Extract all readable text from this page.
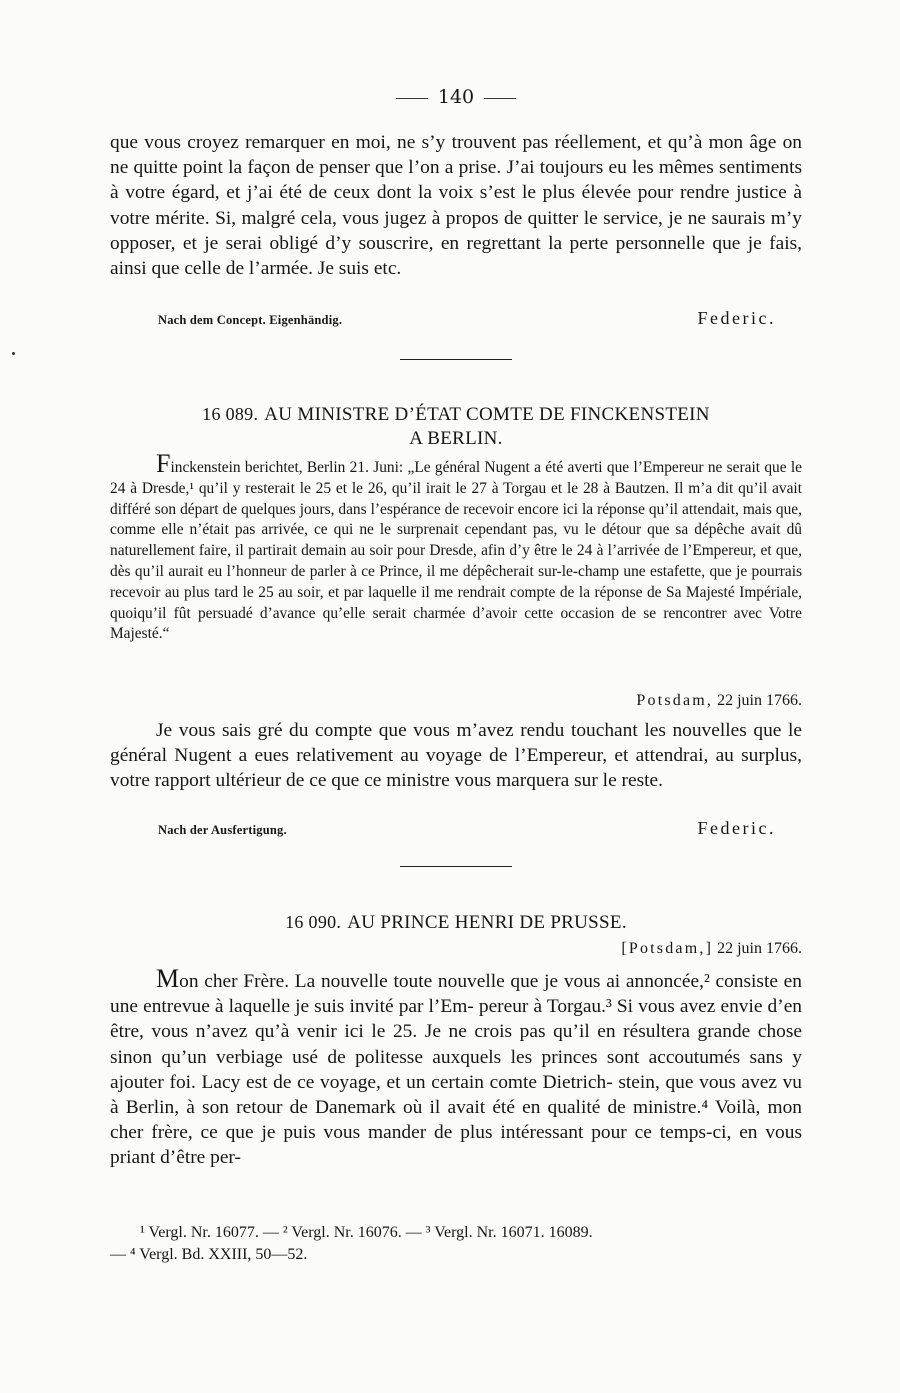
140

que vous croyez remarquer en moi, ne s’y trouvent pas réellement, et qu’à mon âge on ne quitte point la façon de penser que l’on a prise. J’ai toujours eu les mêmes sentiments à votre égard, et j’ai été de ceux dont la voix s’est le plus élevée pour rendre justice à votre mérite. Si, malgré cela, vous jugez à propos de quitter le service, je ne saurais m’y opposer, et je serai obligé d’y souscrire, en regrettant la perte personnelle que je fais, ainsi que celle de l’armée. Je suis etc.

Nach dem Concept. Eigenhändig.	Federic.
16 089. AU MINISTRE D’ÉTAT COMTE DE FINCKENSTEIN
A BERLIN.

Finckenstein berichtet, Berlin 21. Juni: „Le général Nugent a été averti que l’Empereur ne serait que le 24 à Dresde,¹ qu’il y resterait le 25 et le 26, qu’il irait le 27 à Torgau et le 28 à Bautzen. Il m’a dit qu’il avait différé son départ de quelques jours, dans l’espérance de recevoir encore ici la réponse qu’il attendait, mais que, comme elle n’était pas arrivée, ce qui ne le surprenait cependant pas, vu le détour que sa dépêche avait dû naturellement faire, il partirait demain au soir pour Dresde, afin d’y être le 24 à l’arrivée de l’Empereur, et que, dès qu’il aurait eu l’honneur de parler à ce Prince, il me dépêcherait sur-le-champ une estafette, que je pourrais recevoir au plus tard le 25 au soir, et par laquelle il me rendrait compte de la réponse de Sa Majesté Impériale, quoiqu’il fût persuadé d’avance qu’elle serait charmée d’avoir cette occasion de se rencontrer avec Votre Majesté.“

Potsdam, 22 juin 1766.

Je vous sais gré du compte que vous m’avez rendu touchant les nouvelles que le général Nugent a eues relativement au voyage de l’Empereur, et attendrai, au surplus, votre rapport ultérieur de ce que ce ministre vous marquera sur le reste.

Nach der Ausfertigung.	Federic.
16 090. AU PRINCE HENRI DE PRUSSE.
[Potsdam,] 22 juin 1766.

Mon cher Frère. La nouvelle toute nouvelle que je vous ai annoncée,² consiste en une entrevue à laquelle je suis invité par l’Em- pereur à Torgau.³ Si vous avez envie d’en être, vous n’avez qu’à venir ici le 25. Je ne crois pas qu’il en résultera grande chose sinon qu’un verbiage usé de politesse auxquels les princes sont accoutumés sans y ajouter foi. Lacy est de ce voyage, et un certain comte Dietrich- stein, que vous avez vu à Berlin, à son retour de Danemark où il avait été en qualité de ministre.⁴ Voilà, mon cher frère, ce que je puis vous mander de plus intéressant pour ce temps-ci, en vous priant d’être per-

¹ Vergl. Nr. 16077. — ² Vergl. Nr. 16076. — ³ Vergl. Nr. 16071. 16089.
— ⁴ Vergl. Bd. XXIII, 50—52.
